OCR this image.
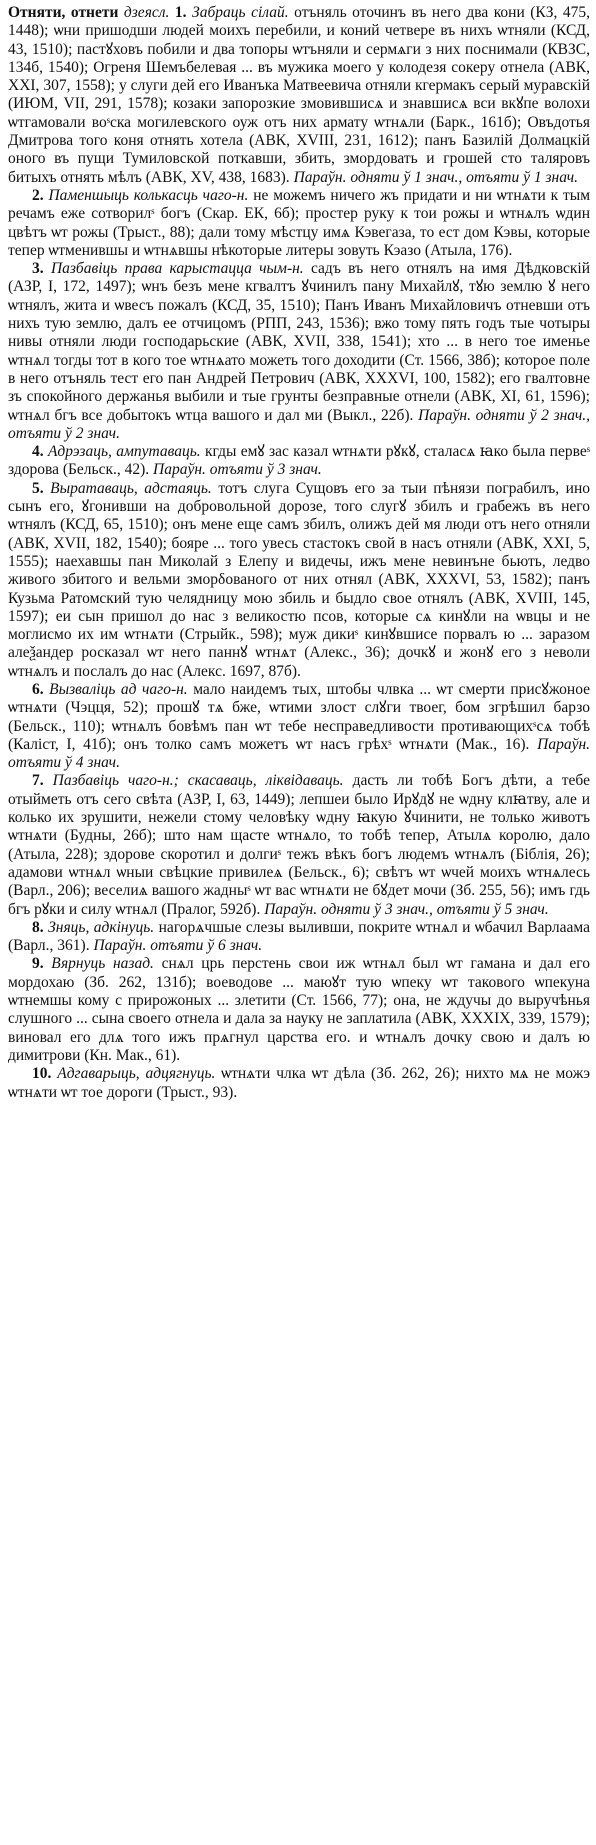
Отняти, отнети дзеясл. 1. Забраць сілай. отъняль оточинъ въ него два кони (КЗ, 475, 1448); ѡни пришодши людей моихъ перебили, и коний четвере въ нихъ ѡтняли (КСД, 43, 1510); пастꙋховъ побили и два топоры ѡтъняли и сермѧги з них поснимали (КВЗС, 134б, 1540); Огреня Шемъбелевая ... въ мужика моего у колодезя сокеру отнела (АВК, XXI, 307, 1558); у слуги дей его Иванъка Матвеевича отняли кгермакъ серый муравскій (ИЮМ, VII, 291, 1578); козаки запорозкие змовившисѧ и знавшисѧ вси вкꙋпе волохи ѡтгамовали воˢска могилевского оуж отъ них армату ѡтнѧли (Барк., 161б); Овъдотья Дмитрова того коня отнять хотела (АВК, XVIII, 231, 1612); панъ Базилій Долмацкій оного въ пущи Тумиловской поткавши, збить, змордовать и грошей сто таляровъ битыхъ отнять мѣлъ (АВК, XV, 438, 1683). Параўн. одняти ў 1 знач., отъяти ў 1 знач.

2. Паменшыць колькасць чаго-н. не можемъ ничего жъ придати и ни ѡтнѧти к тым речамъ еже сотворилˢ богъ (Скар. ЕК, 6б); простер руку к тои рожы и ѡтнѧлъ ѡдин цвѣтъ ѡт рожы (Трыст., 88); дали тому мѣстцу имѧ Кэвегаза, то ест дом Кэвы, которые тепер ѡтменившы и ѡтнѧвшы нѣкоторые литеры зовуть Кэазо (Атыла, 176).

3. Пазбавіць права карыстацца чым-н. садъ въ него отнялъ на имя Дѣдковскій (АЗР, I, 172, 1497); ѡнъ безъ мене кгвалтъ ꙋчинилъ пану Михайлꙋ, тꙋю землю ꙋ него ѡтнялъ, жита и ѡвесъ пожалъ (КСД, 35, 1510); Панъ Иванъ Михайловичъ отневши отъ нихъ тую землю, далъ ее отчицомъ (РПП, 243, 1536); вжо тому пять годъ тые чотыры нивы отняли люди господарьские (АВК, XVII, 338, 1541); хто ... в него тое именье ѡтнѧл тогды тот в кого тое ѡтнѧато можеть того доходити (Ст. 1566, 38б); которое поле в него отъняль тест его пан Андрей Петрович (АВК, XXXVI, 100, 1582); его гвалтовне зъ спокойного держанья выбили и тые грунты безправные отнели (АВК, XI, 61, 1596); ѡтнѧл бгъ все добытокъ ѡтца вашого и дал ми (Выкл., 22б). Параўн. одняти ў 2 знач., отъяти ў 2 знач.

4. Адрэзаць, ампутаваць. кгды емꙋ зас казал ѡтнѧти рꙋкꙋ, сталасѧ ꙗко была первеˢ здорова (Бельск., 42). Параўн. отъяти ў 3 знач.

5. Выратаваць, адстаяць. тотъ слуга Сущовъ его за тыи пѣнязи пограбилъ, ино сынъ его, ꙋгонивши на добровольной дорозе, того слугꙋ збилъ и грабежъ въ него ѡтнялъ (КСД, 65, 1510); онъ мене еще самъ збилъ, олижъ дей мя люди отъ него отняли (АВК, XVII, 182, 1540); бояре ... того увесь стастокъ свой в насъ отняли (АВК, XXI, 5, 1555); наехавшы пан Миколай з Елепу и видечы, ижъ мене невинъне бьють, ледво живого збитого и вельми зморδованого от них отнял (АВК, XXXVI, 53, 1582); панъ Кузьма Ратомский тую челядницу мою збиль и быдло свое отнялъ (АВК, XVIII, 145, 1597); еи сын пришол до нас з великостю псов, которые сѧ кинꙋли на ѡвцы и не моглисмо их им ѡтнѧти (Стрыйк., 598); муж дикиˢ кинꙋвшисе порвалъ ю ... заразом алеѯандер росказал ѡт него паннꙋ ѡтнѧт (Алекс., 36); дочкꙋ и жонꙋ его з неволи ѡтнѧлъ и послалъ до нас (Алекс. 1697, 87б).

6. Вызваліць ад чаго-н. мало наидемъ тых, штобы члвка ... ѡт смерти присꙋжоное ѡтнѧти (Чэцця, 52); прошꙋ тѧ бже, ѡтими злост слꙋги твоег, бом згрѣшил барзо (Бельск., 110); ѡтнѧлъ бовѣмъ пан ѡт тебе несправедливости противающихˢсѧ тобѣ (Каліст, I, 41б); онъ толко самъ можетъ ѡт насъ грѣхˢ ѡтнѧти (Мак., 16). Параўн. отъяти ў 4 знач.

7. Пазбавіць чаго-н.; скасаваць, ліквідаваць. дасть ли тобѣ Богъ дѣти, а тебе отыйметь отъ сего свѣта (АЗР, I, 63, 1449); лепшеи было Ирꙋдꙋ не ѡдну клꙗтву, але и колько их зрушити, нежели стому человѣку ѡдну ꙗкую ꙋчинити, не только животъ ѡтнѧти (Будны, 26б); што нам щасте ѡтнѧло, то тобѣ тепер, Атылѧ королю, дало (Атыла, 228); здорове скоротил и долгиˢ тежъ вѣкъ богъ людемъ ѡтнѧлъ (Біблія, 26); адамови ѡтнѧл ѡныи свѣцкие привилеѧ (Бельск., 6); свѣтъ ѡт ѡчей моихъ ѡтнѧлесь (Варл., 206); веселиѧ вашого жадныˢ ѡт вас ѡтнѧти не бꙋдет мочи (Зб. 255, 56); имъ гдь бгъ рꙋки и силу ѡтнѧл (Пралог, 592б). Параўн. одняти ў 3 знач., отъяти ў 5 знач.

8. Зняць, адкінуць. нагорѧчшые слезы выливши, покрите ѡтнѧл и ѡбачил Варлаама (Варл., 361). Параўн. отъяти ў 6 знач.

9. Вярнуць назад. снѧл црь перстень свои иж ѡтнѧл был ѡт гамана и дал его мордохаю (Зб. 262, 131б); воеводове ... маюꙋт тую ѡпеку ѡт такового ѡпекуна ѡтнемшы кому с прирожоных ... злетити (Ст. 1566, 77); она, не ждучы до выручѣнья слушного ... сына своего отнела и дала за науку не заплатила (АВК, XXXIX, 339, 1579); виновал его длѧ того ижъ прѧгнул царства его. и ѡтнѧлъ дочку свою и далъ ю димитрови (Кн. Мак., 61).

10. Адгаварыць, адцягнуць. ѡтнѧти члка ѡт дѣла (Зб. 262, 26); нихто мѧ не можэ ѡтнѧти ѡт тое дороги (Трыст., 93).
